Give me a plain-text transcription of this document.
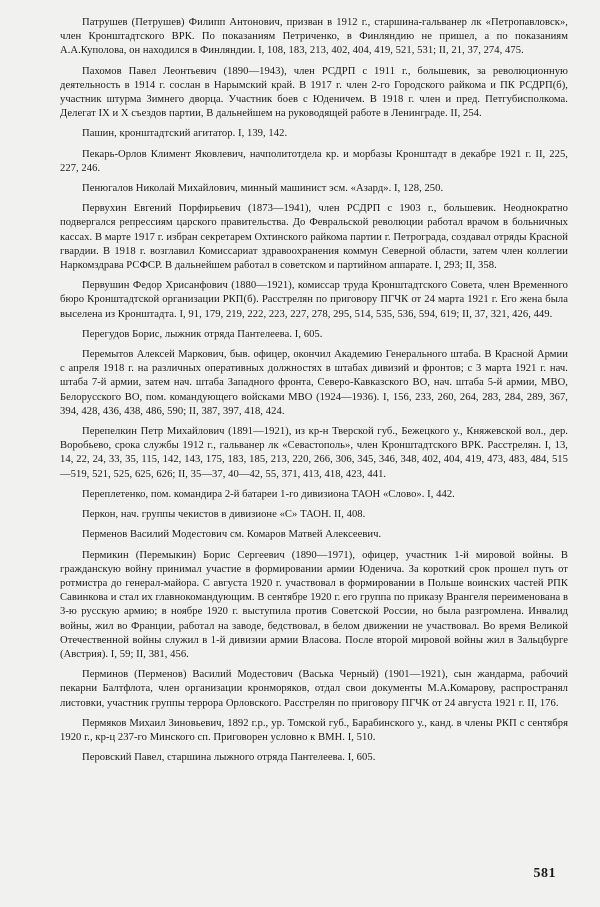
Патрушев (Петрушев) Филипп Антонович, призван в 1912 г., старшина-гальванер лк «Петропавловск», член Кронштадтского ВРК. По показаниям Петриченко, в Финляндию не пришел, а по показаниям А.А.Куполова, он находился в Финляндии. I, 108, 183, 213, 402, 404, 419, 521, 531; II, 21, 37, 274, 475.

Пахомов Павел Леонтьевич (1890—1943), член РСДРП с 1911 г., большевик, за революционную деятельность в 1914 г. сослан в Нарымский край. В 1917 г. член 2-го Городского райкома и ПК РСДРП(б), участник штурма Зимнего дворца. Участник боев с Юденичем. В 1918 г. член и пред. Петгубисполкома. Делегат IX и X съездов партии, В дальнейшем на руководящей работе в Ленинграде. II, 254.

Пашин, кронштадтский агитатор. I, 139, 142.

Пекарь-Орлов Климент Яковлевич, начполитотдела кр. и морбазы Кронштадт в декабре 1921 г. II, 225, 227, 246.

Пенюгалов Николай Михайлович, минный машинист эсм. «Азард». I, 128, 250.

Первухин Евгений Порфирьевич (1873—1941), член РСДРП с 1903 г., большевик. Неоднократно подвергался репрессиям царского правительства. До Февральской революции работал врачом в больничных кассах. В марте 1917 г. избран секретарем Охтинского райкома партии г. Петрограда, создавал отряды Красной гвардии. В 1918 г. возглавил Комиссариат здравоохранения коммун Северной области, затем член коллегии Наркомздрава РСФСР. В дальнейшем работал в советском и партийном аппарате. I, 293; II, 358.

Первушин Федор Хрисанфович (1880—1921), комиссар труда Кронштадтского Совета, член Временного бюро Кронштадтской организации РКП(б). Расстрелян по приговору ПГЧК от 24 марта 1921 г. Его жена была выселена из Кронштадта. I, 91, 179, 219, 222, 223, 227, 278, 295, 514, 535, 536, 594, 619; II, 37, 321, 426, 449.

Перегудов Борис, лыжник отряда Пантелеева. I, 605.

Перемытов Алексей Маркович, быв. офицер, окончил Академию Генерального штаба. В Красной Армии с апреля 1918 г. на различных оперативных должностях в штабах дивизий и фронтов; с 3 марта 1921 г. нач. штаба 7-й армии, затем нач. штаба Западного фронта, Северо-Кавказского ВО, нач. штаба 5-й армии, МВО, Белорусского ВО, пом. командующего войсками МВО (1924—1936). I, 156, 233, 260, 264, 283, 284, 289, 367, 394, 428, 436, 438, 486, 590; II, 387, 397, 418, 424.

Перепелкин Петр Михайлович (1891—1921), из кр-н Тверской губ., Бежецкого у., Княжевской вол., дер. Воробьево, срока службы 1912 г., гальванер лк «Севастополь», член Кронштадтского ВРК. Расстрелян. I, 13, 14, 22, 24, 33, 35, 115, 142, 143, 175, 183, 185, 213, 220, 266, 306, 345, 346, 348, 402, 404, 419, 473, 483, 484, 515—519, 521, 525, 625, 626; II, 35—37, 40—42, 55, 371, 413, 418, 423, 441.

Переплетенко, пом. командира 2-й батареи 1-го дивизиона ТАОН «Слово». I, 442.

Перкон, нач. группы чекистов в дивизионе «С» ТАОН. II, 408.

Перменов Василий Модестович см. Комаров Матвей Алексеевич.

Пермикин (Перемыкин) Борис Сергеевич (1890—1971), офицер, участник 1-й мировой войны. В гражданскую войну принимал участие в формировании армии Юденича. За короткий срок прошел путь от ротмистра до генерал-майора. С августа 1920 г. участвовал в формировании в Польше воинских частей РПК Савинкова и стал их главнокомандующим. В сентябре 1920 г. его группа по приказу Врангеля переименована в 3-ю русскую армию; в ноябре 1920 г. выступила против Советской России, но была разгромлена. Инвалид войны, жил во Франции, работал на заводе, бедствовал, в белом движении не участвовал. Во время Великой Отечественной войны служил в 1-й дивизии армии Власова. После второй мировой войны жил в Зальцбурге (Австрия). I, 59; II, 381, 456.

Перминов (Перменов) Василий Модестович (Васька Черный) (1901—1921), сын жандарма, рабочий пекарни Балтфлота, член организации кронморяков, отдал свои документы М.А.Комарову, распространял листовки, участник группы террора Орловского. Расстрелян по приговору ПГЧК от 24 августа 1921 г. II, 176.

Пермяков Михаил Зиновьевич, 1892 г.р., ур. Томской губ., Барабинского у., канд. в члены РКП с сентября 1920 г., кр-ц 237-го Минского сп. Приговорен условно к ВМН. I, 510.

Перовский Павел, старшина лыжного отряда Пантелеева. I, 605.

581
